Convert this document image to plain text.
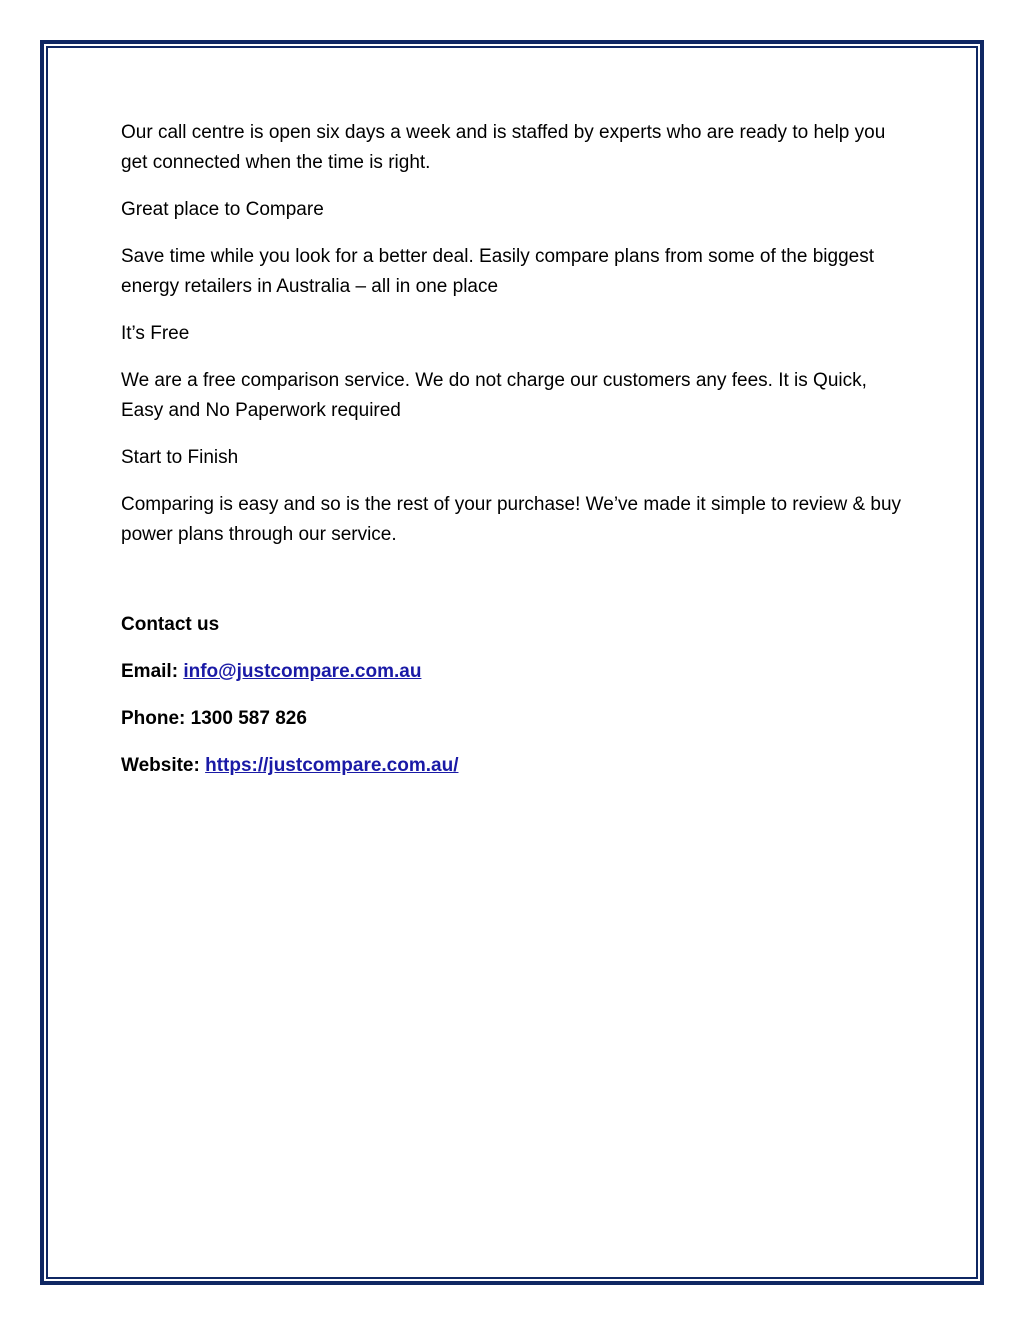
Our call centre is open six days a week and is staffed by experts who are ready to help you get connected when the time is right.

Great place to Compare

Save time while you look for a better deal. Easily compare plans from some of the biggest energy retailers in Australia – all in one place

It’s Free

We are a free comparison service. We do not charge our customers any fees. It is Quick, Easy and No Paperwork required

Start to Finish

Comparing is easy and so is the rest of your purchase! We’ve made it simple to review & buy power plans through our service.

Contact us

Email: info@justcompare.com.au

Phone: 1300 587 826

Website: https://justcompare.com.au/
